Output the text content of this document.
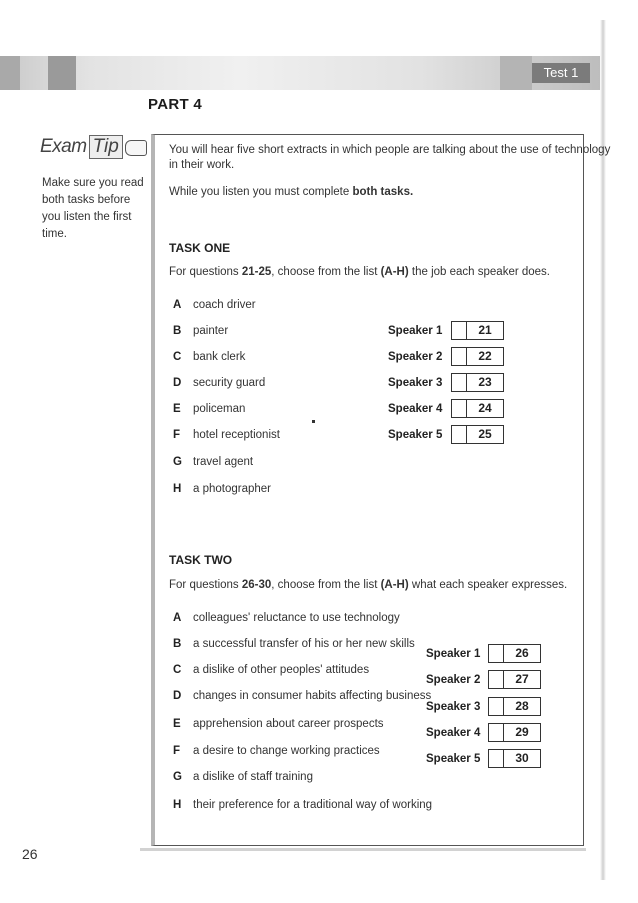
Test 1
PART 4
Exam Tip
Make sure you read
both tasks before
you listen the first
time.
You will hear five short extracts in which people are talking about the use of technology
in their work.
While you listen you must complete both tasks.
TASK ONE
For questions 21-25, choose from the list (A-H) the job each speaker does.
A coach driver
B painter
C bank clerk
D security guard
E policeman
F hotel receptionist
G travel agent
H a photographer
Speaker 1	21
Speaker 2	22
Speaker 3	23
Speaker 4	24
Speaker 5	25
TASK TWO
For questions 26-30, choose from the list (A-H) what each speaker expresses.
A colleagues' reluctance to use technology
B a successful transfer of his or her new skills
C a dislike of other peoples' attitudes
D changes in consumer habits affecting business
E apprehension about career prospects
F a desire to change working practices
G a dislike of staff training
H their preference for a traditional way of working
Speaker 1	26
Speaker 2	27
Speaker 3	28
Speaker 4	29
Speaker 5	30
26
